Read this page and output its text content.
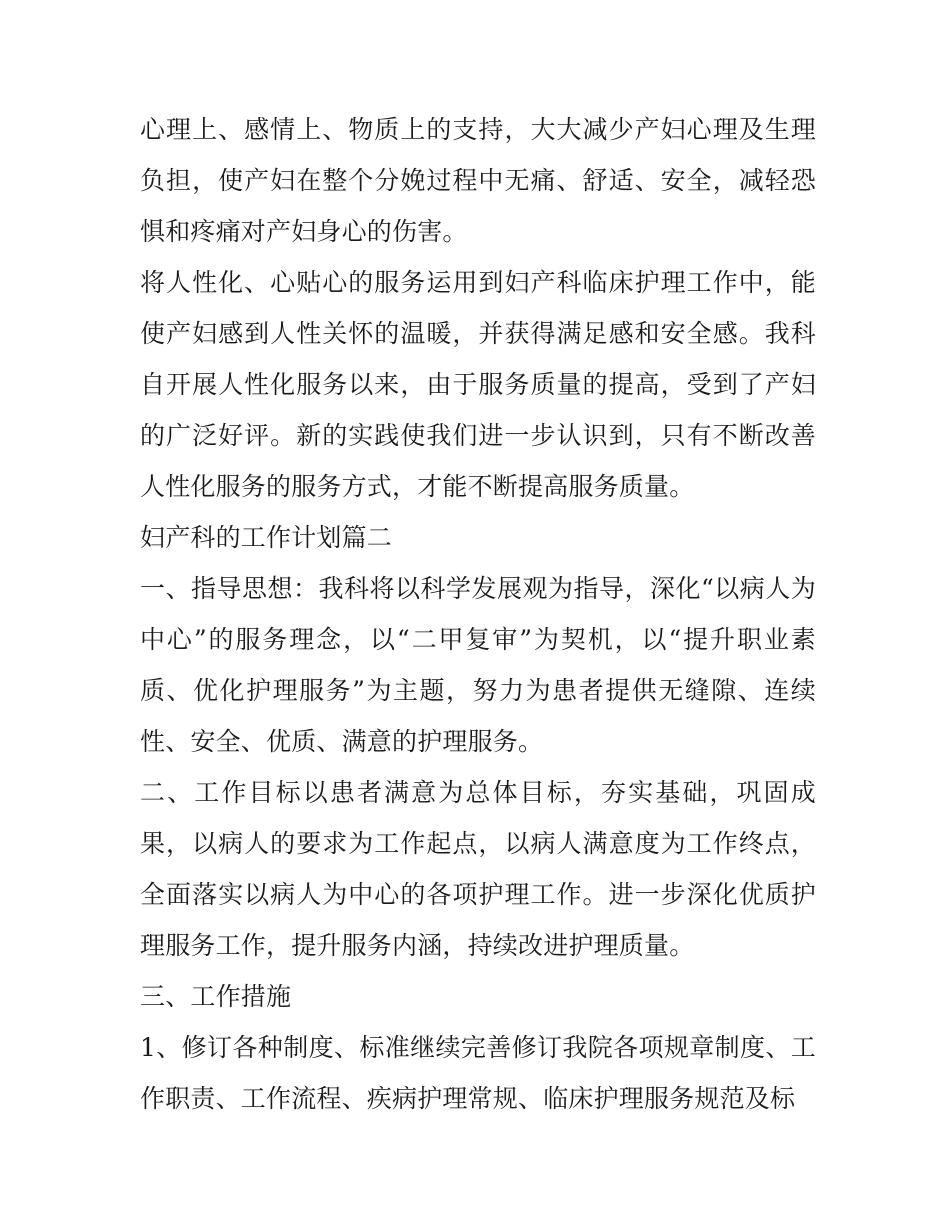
心理上、感情上、物质上的支持，大大减少产妇心理及生理负担，使产妇在整个分娩过程中无痛、舒适、安全，减轻恐惧和疼痛对产妇身心的伤害。

将人性化、心贴心的服务运用到妇产科临床护理工作中，能使产妇感到人性关怀的温暖，并获得满足感和安全感。我科自开展人性化服务以来，由于服务质量的提高，受到了产妇的广泛好评。新的实践使我们进一步认识到，只有不断改善人性化服务的服务方式，才能不断提高服务质量。

妇产科的工作计划篇二

一、指导思想：我科将以科学发展观为指导，深化“以病人为中心”的服务理念，以“二甲复审”为契机，以“提升职业素质、优化护理服务”为主题，努力为患者提供无缝隙、连续性、安全、优质、满意的护理服务。

二、工作目标以患者满意为总体目标，夯实基础，巩固成果，以病人的要求为工作起点，以病人满意度为工作终点，全面落实以病人为中心的各项护理工作。进一步深化优质护理服务工作，提升服务内涵，持续改进护理质量。

三、工作措施

1、修订各种制度、标准继续完善修订我院各项规章制度、工作职责、工作流程、疾病护理常规、临床护理服务规范及标
